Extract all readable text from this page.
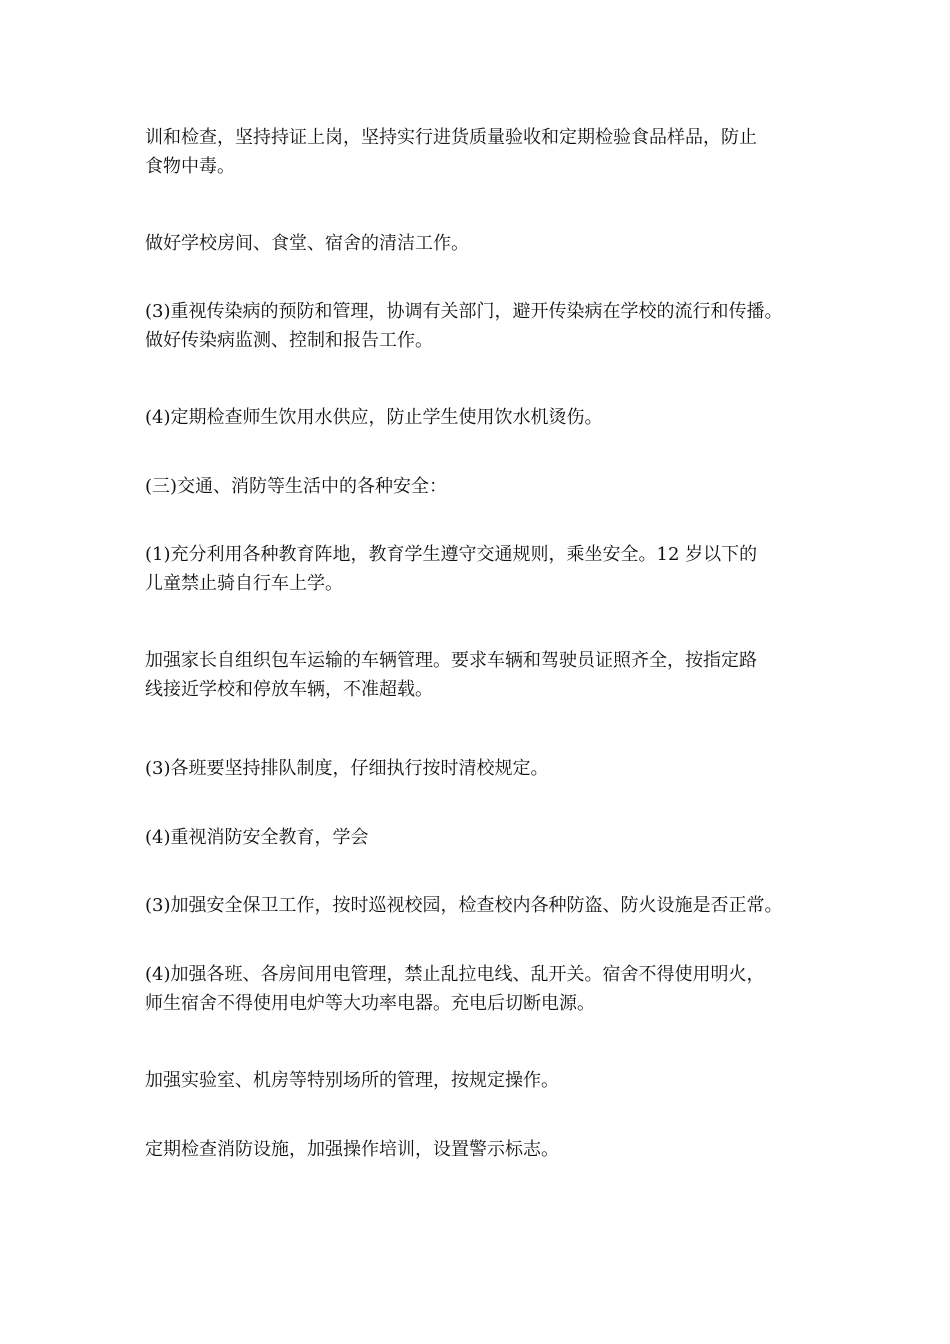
训和检查，坚持持证上岗，坚持实行进货质量验收和定期检验食品样品，防止
食物中毒。
做好学校房间、食堂、宿舍的清洁工作。
(3)重视传染病的预防和管理，协调有关部门，避开传染病在学校的流行和传播。
做好传染病监测、控制和报告工作。
(4)定期检查师生饮用水供应，防止学生使用饮水机烫伤。
(三)交通、消防等生活中的各种安全：
(1)充分利用各种教育阵地，教育学生遵守交通规则，乘坐安全。12 岁以下的
儿童禁止骑自行车上学。
加强家长自组织包车运输的车辆管理。要求车辆和驾驶员证照齐全，按指定路
线接近学校和停放车辆，不准超载。
(3)各班要坚持排队制度，仔细执行按时清校规定。
(4)重视消防安全教育，学会
(3)加强安全保卫工作，按时巡视校园，检查校内各种防盗、防火设施是否正常。
(4)加强各班、各房间用电管理，禁止乱拉电线、乱开关。宿舍不得使用明火，
师生宿舍不得使用电炉等大功率电器。充电后切断电源。
加强实验室、机房等特别场所的管理，按规定操作。
定期检查消防设施，加强操作培训，设置警示标志。
